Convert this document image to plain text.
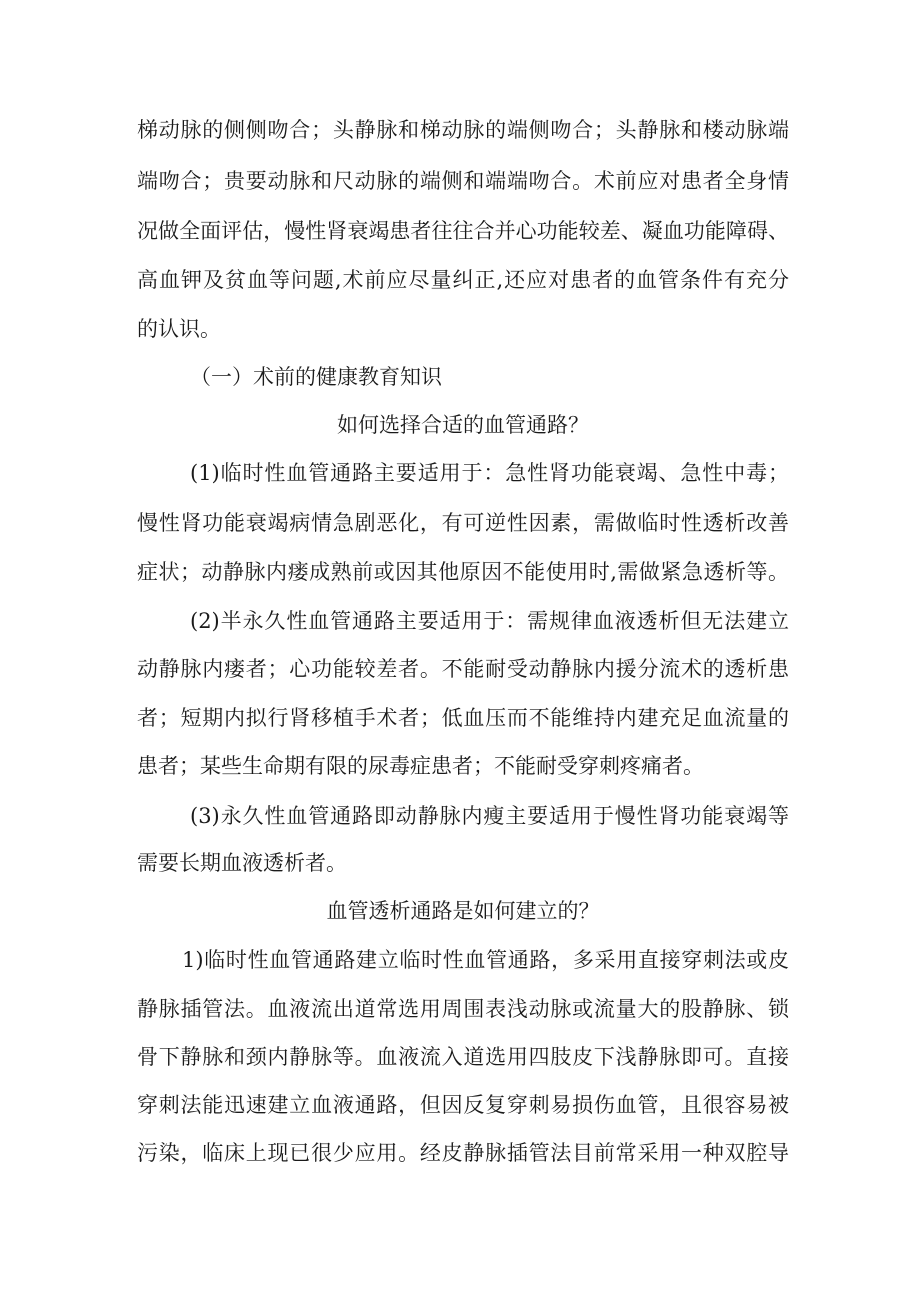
梯动脉的侧侧吻合；头静脉和梯动脉的端侧吻合；头静脉和楼动脉端
端吻合；贵要动脉和尺动脉的端侧和端端吻合。术前应对患者全身情
况做全面评估，慢性肾衰竭患者往往合并心功能较差、凝血功能障碍、
高血钾及贫血等问题,术前应尽量纠正,还应对患者的血管条件有充分
的认识。
（一）术前的健康教育知识
如何选择合适的血管通路？
(1)临时性血管通路主要适用于：急性肾功能衰竭、急性中毒；
慢性肾功能衰竭病情急剧恶化，有可逆性因素，需做临时性透析改善
症状；动静脉内瘘成熟前或因其他原因不能使用时,需做紧急透析等。
(2)半永久性血管通路主要适用于：需规律血液透析但无法建立
动静脉内瘘者；心功能较差者。不能耐受动静脉内援分流术的透析患
者；短期内拟行肾移植手术者；低血压而不能维持内建充足血流量的
患者；某些生命期有限的尿毒症患者；不能耐受穿刺疼痛者。
(3)永久性血管通路即动静脉内瘦主要适用于慢性肾功能衰竭等
需要长期血液透析者。
血管透析通路是如何建立的？
1)临时性血管通路建立临时性血管通路，多采用直接穿刺法或皮
静脉插管法。血液流出道常选用周围表浅动脉或流量大的股静脉、锁
骨下静脉和颈内静脉等。血液流入道选用四肢皮下浅静脉即可。直接
穿刺法能迅速建立血液通路，但因反复穿刺易损伤血管，且很容易被
污染，临床上现已很少应用。经皮静脉插管法目前常采用一种双腔导
